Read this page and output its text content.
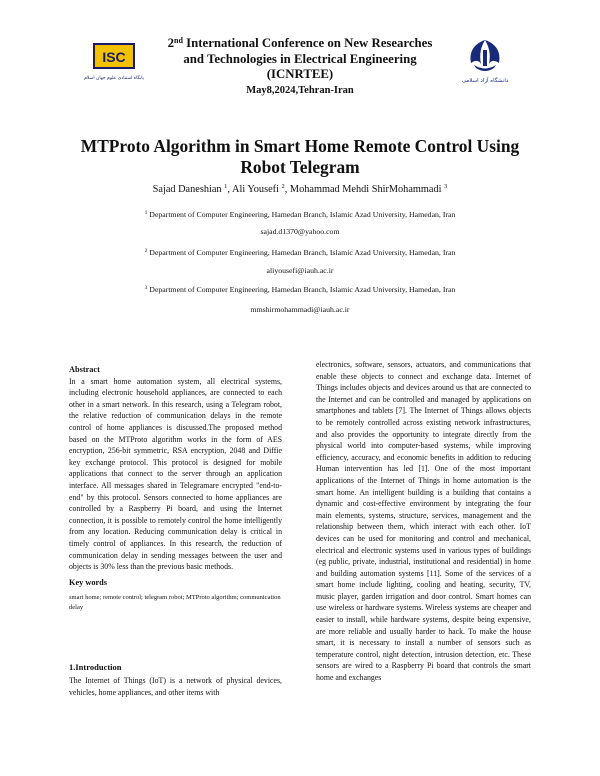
ISC
پایگاه استنادی علوم جهان اسلام	دانشگاه آزاد اسلامی
2nd International Conference on New Researches
and Technologies in Electrical Engineering
(ICNRTEE)
May8,2024,Tehran-Iran
MTProto Algorithm in Smart Home Remote Control Using
Robot Telegram
Sajad Daneshian $^1$, Ali Yousefi $^2$, Mohammad Mehdi ShirMohammadi $^3$
$^1$ Department of Computer Engineering, Hamedan Branch, Islamic Azad University, Hamedan, Iran
sajad.d1370@yahoo.com
$^2$ Department of Computer Engineering, Hamedan Branch, Islamic Azad University, Hamedan, Iran
aliyousefi@iauh.ac.ir
$^3$ Department of Computer Engineering, Hamedan Branch, Islamic Azad University, Hamedan, Iran
mmshirmohammadi@iauh.ac.ir
Abstract
In a smart home automation system, all electrical systems, including electronic household appliances, are connected to each other in a smart network. In this research, using a Telegram robot, the relative reduction of communication delays in the remote control of home appliances is discussed.The proposed method based on the MTProto algorithm works in the form of AES encryption, 256-bit symmetric, RSA encryption, 2048 and Diffie key exchange protocol. This protocol is designed for mobile applications that connect to the server through an application interface. All messages shared in Telegramare encrypted "end-to-end" by this protocol. Sensors connected to home appliances are controlled by a Raspberry Pi board, and using the Internet connection, it is possible to remotely control the home intelligently from any location. Reducing communication delay is critical in timely control of appliances. In this research, the reduction of communication delay in sending messages between the user and objects is 30% less than the previous basic methods.
Key words
smart home; remote control; telegram robot; MTProto algorithm; communication delay
1.Introduction
The Internet of Things (IoT) is a network of physical devices, vehicles, home appliances, and other items with
electronics, software, sensors, actuators, and communications that enable these objects to connect and exchange data. Internet of Things includes objects and devices around us that are connected to the Internet and can be controlled and managed by applications on smartphones and tablets [7]. The Internet of Things allows objects to be remotely controlled across existing network infrastructures, and also provides the opportunity to integrate directly from the physical world into computer-based systems, while improving efficiency, accuracy, and economic benefits in addition to reducing Human intervention has led [1]. One of the most important applications of the Internet of Things in home automation is the smart home. An intelligent building is a building that contains a dynamic and cost-effective environment by integrating the four main elements, systems, structure, services, management and the relationship between them, which interact with each other. IoT devices can be used for monitoring and control and mechanical, electrical and electronic systems used in various types of buildings (eg public, private, industrial, institutional and residential) in home and building automation systems [11]. Some of the services of a smart home include lighting, cooling and heating, security, TV, music player, garden irrigation and door control. Smart homes can use wireless or hardware systems. Wireless systems are cheaper and easier to install, while hardware systems, despite being expensive, are more reliable and usually harder to hack. To make the house smart, it is necessary to install a number of sensors such as temperature control, night detection, intrusion detection, etc. These sensors are wired to a Raspberry Pi board that controls the smart home and exchanges
